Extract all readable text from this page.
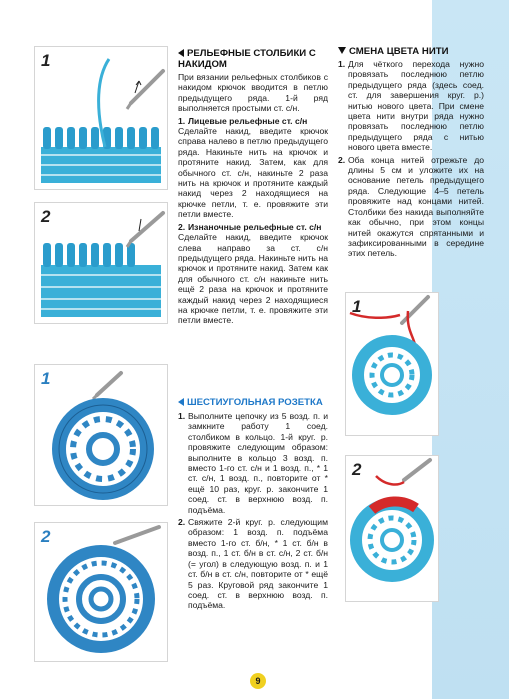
1
2
1
2
1
2
РЕЛЬЕФНЫЕ СТОЛБИКИ С НАКИДОМ

При вязании рельефных столбиков с накидом крючок вводится в петлю предыдущего ряда. 1-й ряд выполняется простыми ст. с/н.

1. Лицевые рельефные ст. с/н

Сделайте накид, введите крючок справа налево в петлю предыдущего ряда. Накиньте нить на крючок и протяните накид. Затем, как для обычного ст. с/н, накиньте 2 раза нить на крючок и протяните каждый накид через 2 находящиеся на крючке петли, т. е. провяжите эти петли вместе.

2. Изнаночные рельефные ст. с/н

Сделайте накид, введите крючок слева направо за ст. с/н предыдущего ряда. Накиньте нить на крючок и протяните накид. Затем как для обычного ст. с/н накиньте нить ещё 2 раза на крючок и протяните каждый накид через 2 находящиеся на крючке петли, т. е. провяжите эти петли вместе.

ШЕСТИУГОЛЬНАЯ РОЗЕТКА
1. Выполните цепочку из 5 возд. п. и замкните работу 1 соед. столбиком в кольцо. 1-й круг. р. провяжите следующим образом: выполните в кольцо 3 возд. п. вместо 1-го ст. с/н и 1 возд. п., * 1 ст. с/н, 1 возд. п., повторите от * ещё 10 раз, круг. р. закончите 1 соед. ст. в верхнюю возд. п. подъёма.
2. Свяжите 2-й круг. р. следующим образом: 1 возд. п. подъёма вместо 1-го ст. б/н, * 1 ст. б/н в возд. п., 1 ст. б/н в ст. с/н, 2 ст. б/н (= угол) в следующую возд. п. и 1 ст. б/н в ст. с/н, повторите от * ещё 5 раз. Круговой ряд закончите 1 соед. ст. в верхнюю возд. п. подъёма.
СМЕНА ЦВЕТА НИТИ
1. Для чёткого перехода нужно провязать последнюю петлю предыдущего ряда (здесь соед. ст. для завершения круг. р.) нитью нового цвета. При смене цвета нити внутри ряда нужно провязать последнюю петлю предыдущего ряда с нитью нового цвета вместе.
2. Оба конца нитей отрежьте до длины 5 см и уложите их на основание петель предыдущего ряда. Следующие 4–5 петель провяжите над концами нитей. Столбики без накида выполняйте как обычно, при этом концы нитей окажутся спрятанными и зафиксированными в середине этих петель.
9
